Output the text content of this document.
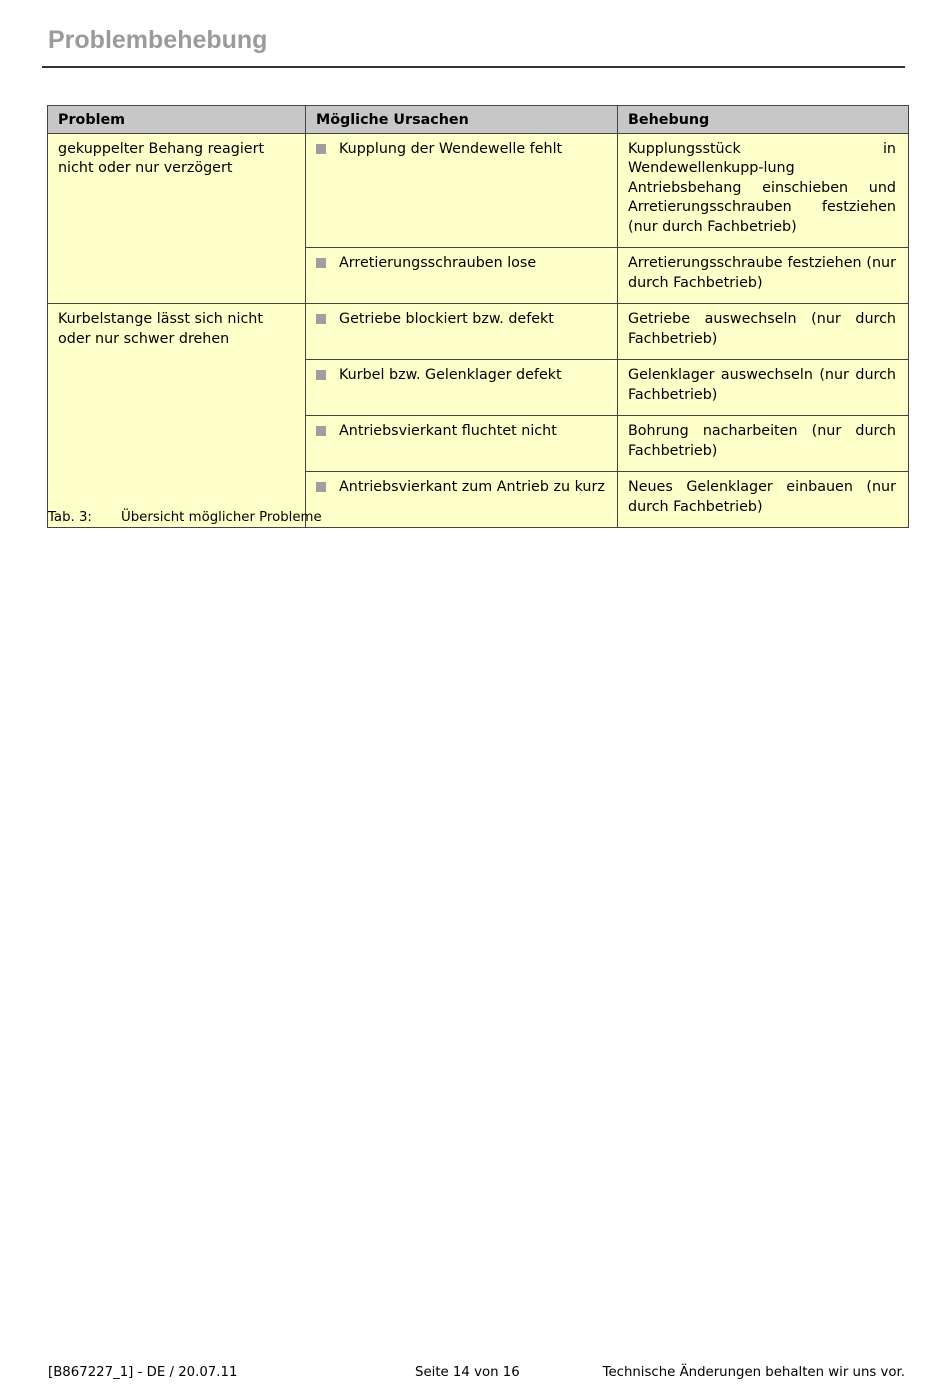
Problembehebung
Problem	Mögliche Ursachen	Behebung
gekuppelter Behang reagiert nicht oder nur verzögert	Kupplung der Wendewelle fehlt	Kupplungsstück in Wendewellenkupp-lung Antriebsbehang einschieben und Arretierungsschrauben festziehen (nur durch Fachbetrieb)

	Arretierungsschrauben lose	Arretierungsschraube festziehen (nur durch Fachbetrieb)
Kurbelstange lässt sich nicht oder nur schwer drehen	Getriebe blockiert bzw. defekt	Getriebe auswechseln (nur durch Fachbetrieb)

	Kurbel bzw. Gelenklager defekt	Gelenklager auswechseln (nur durch Fachbetrieb)

	Antriebsvierkant fluchtet nicht	Bohrung nacharbeiten (nur durch Fachbetrieb)

	Antriebsvierkant zum Antrieb zu kurz	Neues Gelenklager einbauen (nur durch Fachbetrieb)
Tab. 3: Übersicht möglicher Probleme
[B867227_1] - DE / 20.07.11	Seite 14 von 16	Technische Änderungen behalten wir uns vor.
